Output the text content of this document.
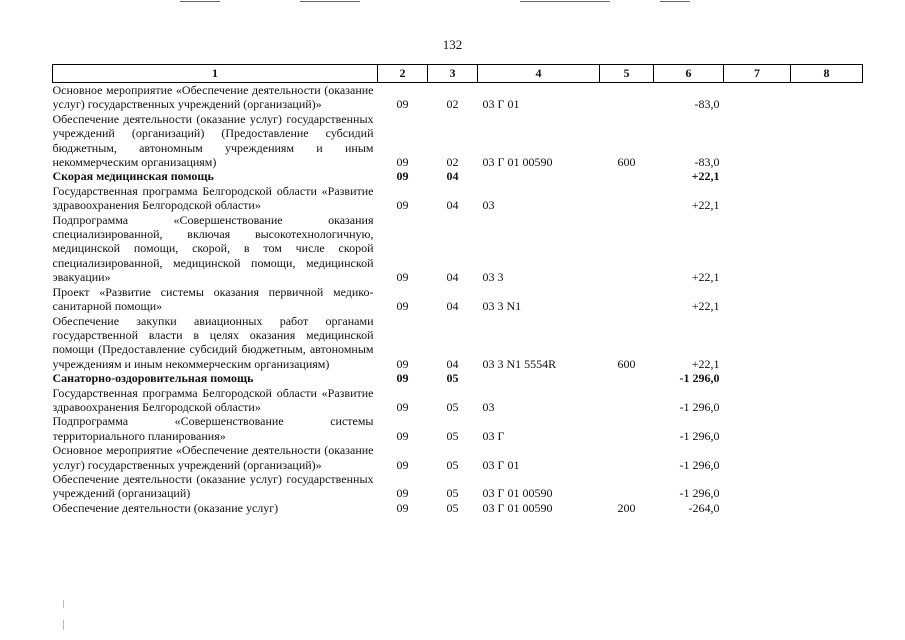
132
1	2	3	4	5	6	7	8
Основное мероприятие «Обеспечение деятельности (оказание услуг) государственных учреждений (организаций)»	09	02	03 Г 01		-83,0		
Обеспечение деятельности (оказание услуг) государственных учреждений (организаций) (Предоставление субсидий бюджетным, автономным учреждениям и иным некоммерческим организациям)	09	02	03 Г 01 00590	600	-83,0		
Скорая медицинская помощь	09	04			+22,1		
Государственная программа Белгородской области «Развитие здравоохранения Белгородской области»	09	04	03		+22,1		
Подпрограмма «Совершенствование оказания специализированной, включая высокотехнологичную, медицинской помощи, скорой, в том числе скорой специализированной, медицинской помощи, медицинской эвакуации»	09	04	03 3		+22,1		
Проект «Развитие системы оказания первичной медико-санитарной помощи»	09	04	03 3 N1		+22,1		
Обеспечение закупки авиационных работ органами государственной власти в целях оказания медицинской помощи (Предоставление субсидий бюджетным, автономным учреждениям и иным некоммерческим организациям)	09	04	03 3 N1 5554R	600	+22,1		
Санаторно-оздоровительная помощь	09	05			-1 296,0		
Государственная программа Белгородской области «Развитие здравоохранения Белгородской области»	09	05	03		-1 296,0		
Подпрограмма «Совершенствование системы территориального планирования»	09	05	03 Г		-1 296,0		
Основное мероприятие «Обеспечение деятельности (оказание услуг) государственных учреждений (организаций)»	09	05	03 Г 01		-1 296,0		
Обеспечение деятельности (оказание услуг) государственных учреждений (организаций)	09	05	03 Г 01 00590		-1 296,0		
Обеспечение деятельности (оказание услуг)	09	05	03 Г 01 00590	200	-264,0		
